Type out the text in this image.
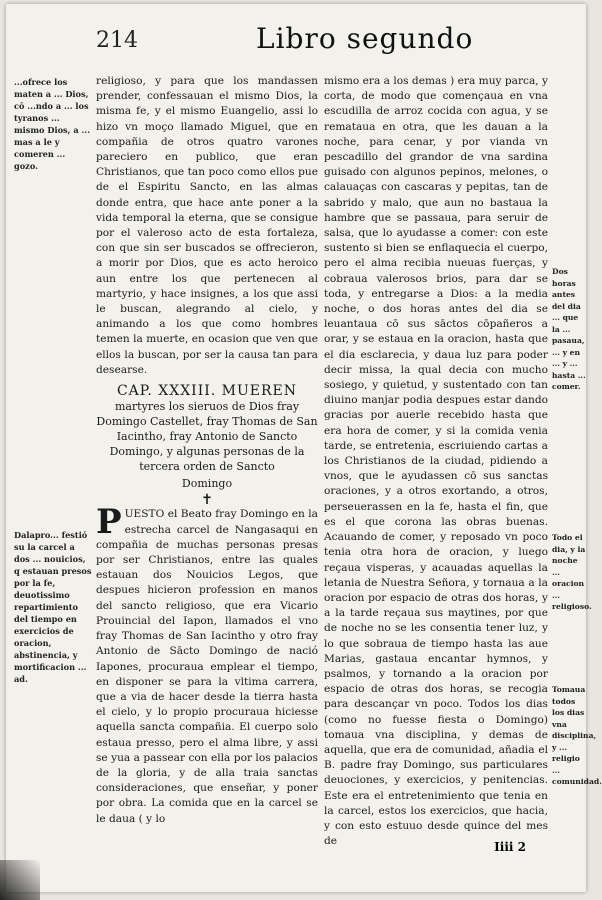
214	Libro segundo
...ofrece los maten a ... Dios, cō ...ndo a ... los tyranos ... mismo Dios, a ... mas a le y comeren ... gozo.
Dalapro... festió su la carcel a dos ... nouicios, q estauan presos por la fe, deuotissimo repartimiento del tiempo en exercicios de oracion, abstinencia, y mortificacion ... ad.

religioso, y para que los mandassen prender, confessauan el mismo Dios, la misma fe, y el mismo Euangelio, assi lo hizo vn moço llamado Miguel, que en compañia de otros quatro varones pareciero en publico, que eran Christianos, que tan poco como ellos pue de el Espiritu Sancto, en las almas donde entra, que hace ante poner a la vida temporal la eterna, que se consigue por el valeroso acto de esta fortaleza, con que sin ser buscados se offrecieron, a morir por Dios, que es acto heroico aun entre los que pertenecen al martyrio, y hace insignes, a los que assi le buscan, alegrando al cielo, y animando a los que como hombres temen la muerte, en ocasion que ven que ellos la buscan, por ser la causa tan para desearse.

CAP. XXXIII. MUEREN
martyres los sieruos de Dios fray Domingo Castellet, fray Thomas de San Iacintho, fray Antonio de Sancto Domingo, y algunas personas de la tercera orden de Sancto
Domingo
✝

P UESTO el Beato fray Domingo en la estrecha carcel de Nangasaqui en compañia de muchas personas presas por ser Christianos, entre las quales estauan dos Nouicios Legos, que despues hicieron profession en manos del sancto religioso, que era Vicario Prouincial del Iapon, llamados el vno fray Thomas de San Iacintho y otro fray Antonio de Sācto Domingo de nació Iapones, procuraua emplear el tiempo, en disponer se para la vltima carrera, que a via de hacer desde la tierra hasta el cielo, y lo propio procuraua hiciesse aquella sancta compañia. El cuerpo solo estaua presso, pero el alma libre, y assi se yua a passear con ella por los palacios de la gloria, y de alla traia sanctas consideraciones, que enseñar, y poner por obra. La comida que en la carcel se le daua ( y lo

mismo era a los demas ) era muy parca, y corta, de modo que començaua en vna escudilla de arroz cocida con agua, y se remataua en otra, que les dauan a la noche, para cenar, y por vianda vn pescadillo del grandor de vna sardina guisado con algunos pepinos, melones, o calauaças con cascaras y pepitas, tan de sabrido y malo, que aun no bastaua la hambre que se passaua, para seruir de salsa, que lo ayudasse a comer: con este sustento si bien se enflaquecia el cuerpo, pero el alma recibia nueuas fuerças, y cobraua valerosos brios, para dar se toda, y entregarse a Dios: a la media noche, o dos horas antes del dia se leuantaua cō sus sāctos cōpañeros a orar, y se estaua en la oracion, hasta que el dia esclarecia, y daua luz para poder decir missa, la qual decia con mucho sosiego, y quietud, y sustentado con tan diuino manjar podia despues estar dando gracias por auerle recebido hasta que era hora de comer, y si la comida venia tarde, se entretenia, escriuiendo cartas a los Christianos de la ciudad, pidiendo a vnos, que le ayudassen cō sus sanctas oraciones, y a otros exortando, a otros, perseuerassen en la fe, hasta el fin, que es el que corona las obras buenas. Acauando de comer, y reposado vn poco tenia otra hora de oracion, y luego reçaua visperas, y acauadas aquellas la letania de Nuestra Señora, y tornaua a la oracion por espacio de otras dos horas, y a la tarde reçaua sus maytines, por que de noche no se les consentia tener luz, y lo que sobraua de tiempo hasta las aue Marias, gastaua encantar hymnos, y psalmos, y tornando a la oracion por espacio de otras dos horas, se recogia para descançar vn poco. Todos los dias (como no fuesse fiesta o Domingo) tomaua vna disciplina, y demas de aquella, que era de comunidad, añadia el B. padre fray Domingo, sus particulares deuociones, y exercicios, y penitencias. Este era el entretenimiento que tenia en la carcel, estos los exercicios, que hacia, y con esto estuuo desde quince del mes de

Dos horas antes del dia ... que la ... pasaua, ... y en ... y ... hasta ... comer.
Todo el dia, y la noche ... oracion ... religioso.
Tomaua todos los dias vna disciplina, y ... religio ... comunidad.
Iiii 2
